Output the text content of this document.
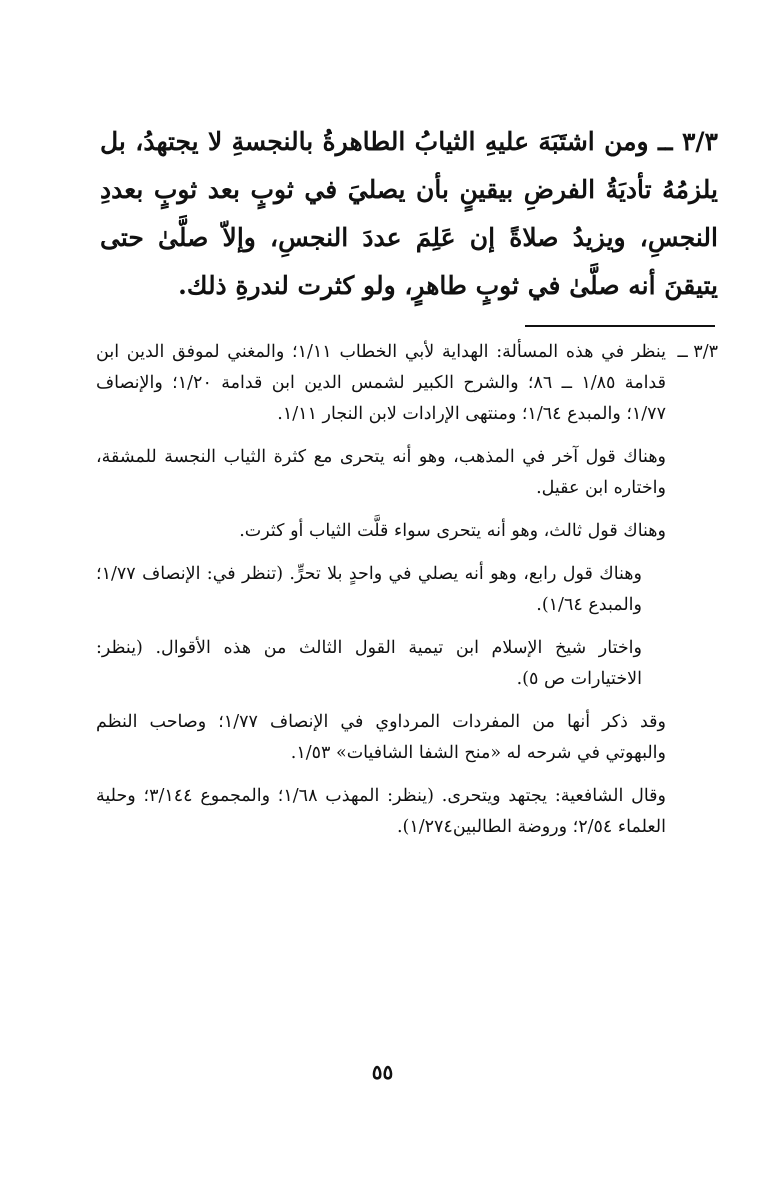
٣/٣ ــ ومن اشتَبَهَ عليهِ الثيابُ الطاهرةُ بالنجسةِ لا يجتهدُ، بل يلزمُهُ تأديَةُ الفرضِ بيقينٍ بأن يصليَ في ثوبٍ بعد ثوبٍ بعددِ النجسِ، ويزيدُ صلاةً إن عَلِمَ عددَ النجسِ، وإلاّ صلَّىٰ حتى يتيقنَ أنه صلَّىٰ في ثوبٍ طاهرٍ، ولو كثرت لندرةِ ذلك.

٣/٣ ــ

ينظر في هذه المسألة: الهداية لأبي الخطاب ١/١١؛ والمغني لموفق الدين ابن قدامة ١/٨٥ ــ ٨٦؛ والشرح الكبير لشمس الدين ابن قدامة ١/٢٠؛ والإنصاف ١/٧٧؛ والمبدع ١/٦٤؛ ومنتهى الإرادات لابن النجار ١/١١.

وهناك قول آخر في المذهب، وهو أنه يتحرى مع كثرة الثياب النجسة للمشقة، واختاره ابن عقيل.

وهناك قول ثالث، وهو أنه يتحرى سواء قلَّت الثياب أو كثرت.

وهناك قول رابع، وهو أنه يصلي في واحدٍ بلا تحرٍّ. (تنظر في: الإنصاف ١/٧٧؛ والمبدع ١/٦٤).

واختار شيخ الإسلام ابن تيمية القول الثالث من هذه الأقوال. (ينظر: الاختيارات ص ٥).

وقد ذكر أنها من المفردات المرداوي في الإنصاف ١/٧٧؛ وصاحب النظم والبهوتي في شرحه له «منح الشفا الشافيات» ١/٥٣.

وقال الشافعية: يجتهد ويتحرى. (ينظر: المهذب ١/٦٨؛ والمجموع ٣/١٤٤؛ وحلية العلماء ٢/٥٤؛ وروضة الطالبين١/٢٧٤).

٥٥
